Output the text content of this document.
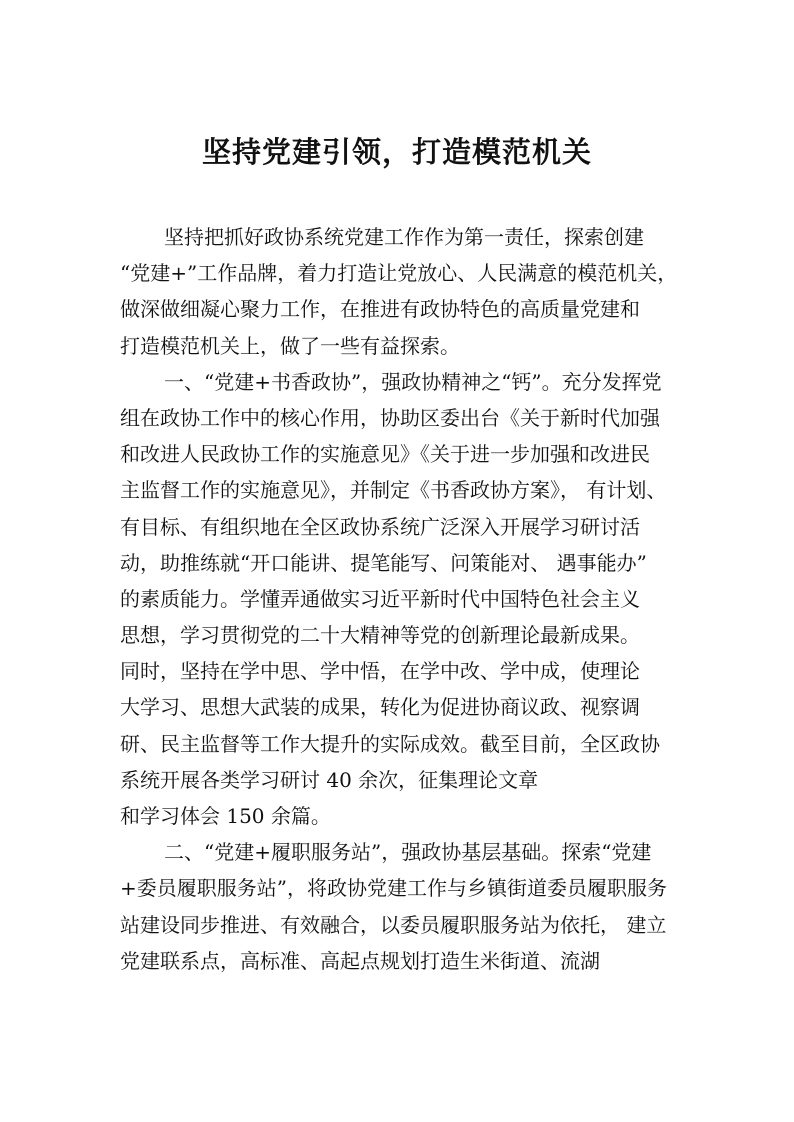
坚持党建引领，打造模范机关
坚持把抓好政协系统党建工作作为第一责任，探索创建
“党建+”工作品牌，着力打造让党放心、人民满意的模范机关，
做深做细凝心聚力工作，在推进有政协特色的高质量党建和
打造模范机关上，做了一些有益探索。
一、“党建+书香政协”，强政协精神之“钙”。充分发挥党
组在政协工作中的核心作用，协助区委出台《关于新时代加强
和改进人民政协工作的实施意见》《关于进一步加强和改进民
主监督工作的实施意见》，并制定《书香政协方案》， 有计划、
有目标、有组织地在全区政协系统广泛深入开展学习研讨活
动，助推练就“开口能讲、提笔能写、问策能对、 遇事能办”
的素质能力。学懂弄通做实习近平新时代中国特色社会主义
思想，学习贯彻党的二十大精神等党的创新理论最新成果。
同时，坚持在学中思、学中悟，在学中改、学中成，使理论
大学习、思想大武装的成果，转化为促进协商议政、视察调
研、民主监督等工作大提升的实际成效。截至目前，全区政协
系统开展各类学习研讨 40 余次，征集理论文章
和学习体会 150 余篇。
二、“党建+履职服务站”，强政协基层基础。探索“党建
+委员履职服务站”，将政协党建工作与乡镇街道委员履职服务
站建设同步推进、有效融合，以委员履职服务站为依托， 建立
党建联系点，高标准、高起点规划打造生米街道、流湖
